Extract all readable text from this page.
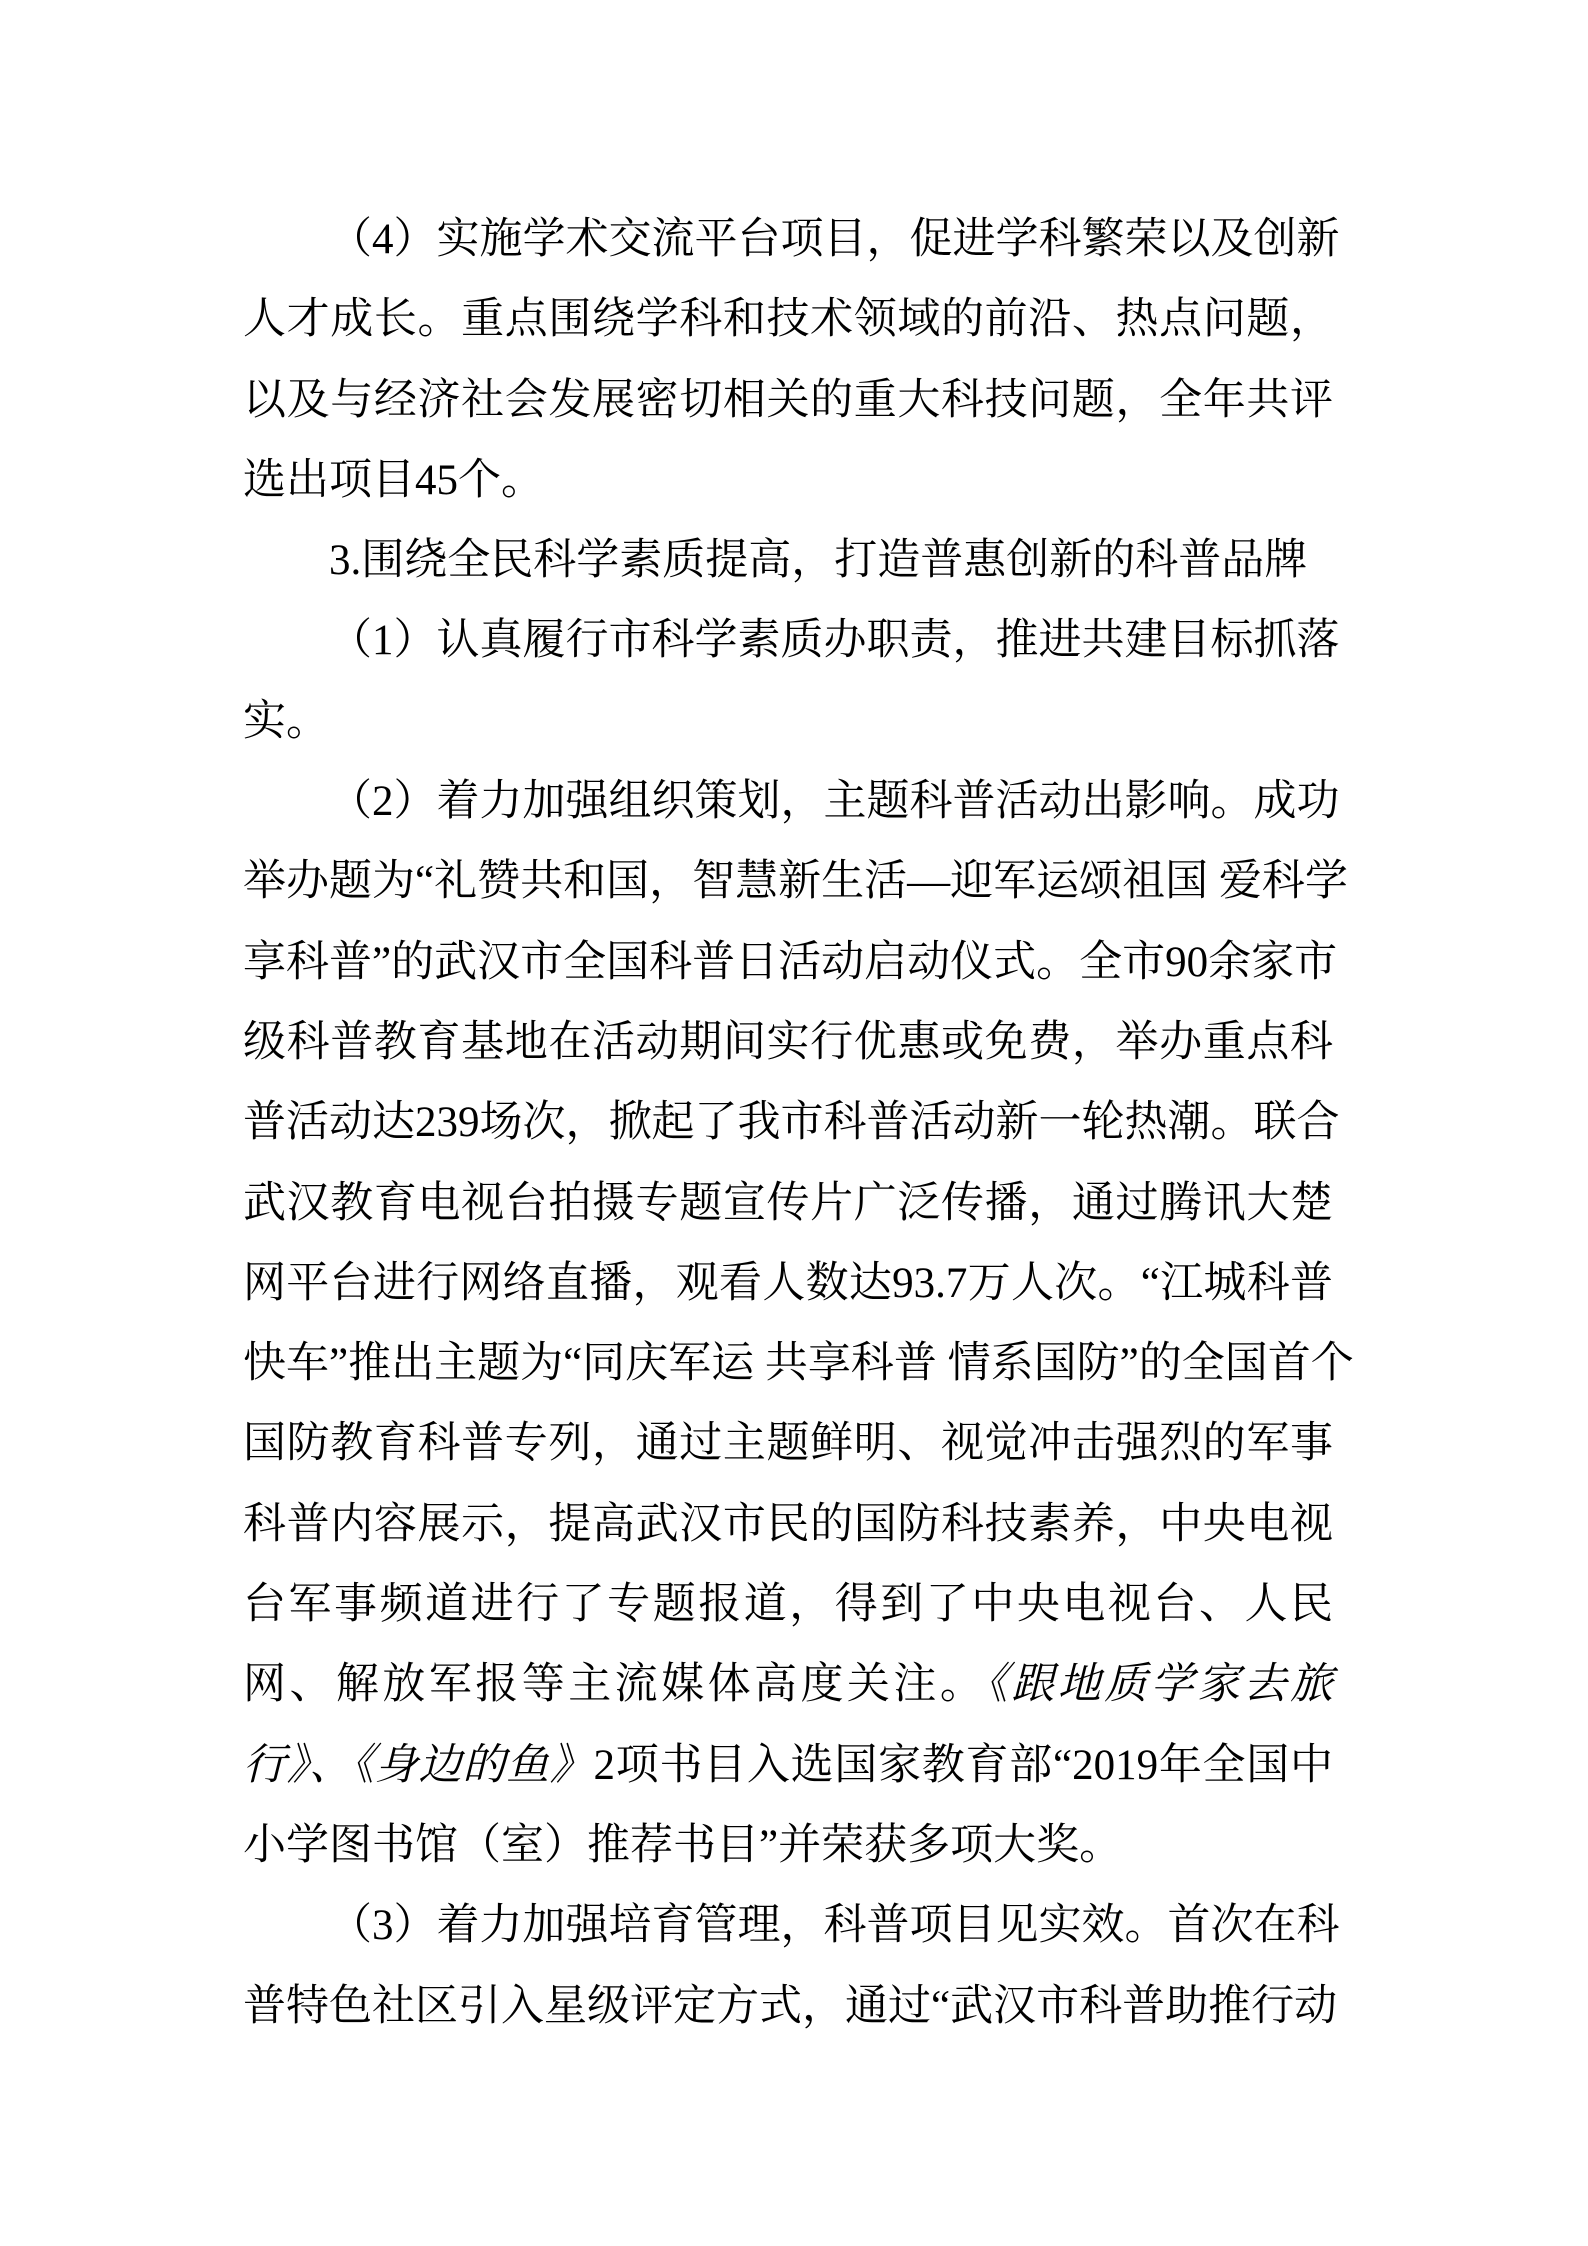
（4）实施学术交流平台项目，促进学科繁荣以及创新
人才成长。重点围绕学科和技术领域的前沿、热点问题，
以及与经济社会发展密切相关的重大科技问题，全年共评
选出项目45个。
3.围绕全民科学素质提高，打造普惠创新的科普品牌
（1）认真履行市科学素质办职责，推进共建目标抓落
实。
（2）着力加强组织策划，主题科普活动出影响。成功
举办题为“礼赞共和国，智慧新生活—迎军运颂祖国 爱科学
享科普”的武汉市全国科普日活动启动仪式。全市90余家市
级科普教育基地在活动期间实行优惠或免费，举办重点科
普活动达239场次，掀起了我市科普活动新一轮热潮。联合
武汉教育电视台拍摄专题宣传片广泛传播，通过腾讯大楚
网平台进行网络直播，观看人数达93.7万人次。“江城科普
快车”推出主题为“同庆军运 共享科普 情系国防”的全国首个
国防教育科普专列，通过主题鲜明、视觉冲击强烈的军事
科普内容展示，提高武汉市民的国防科技素养，中央电视
台军事频道进行了专题报道，得到了中央电视台、人民
网、解放军报等主流媒体高度关注。《跟地质学家去旅
行》、《身边的鱼》2项书目入选国家教育部“2019年全国中
小学图书馆（室）推荐书目”并荣获多项大奖。
（3）着力加强培育管理，科普项目见实效。首次在科
普特色社区引入星级评定方式，通过“武汉市科普助推行动
